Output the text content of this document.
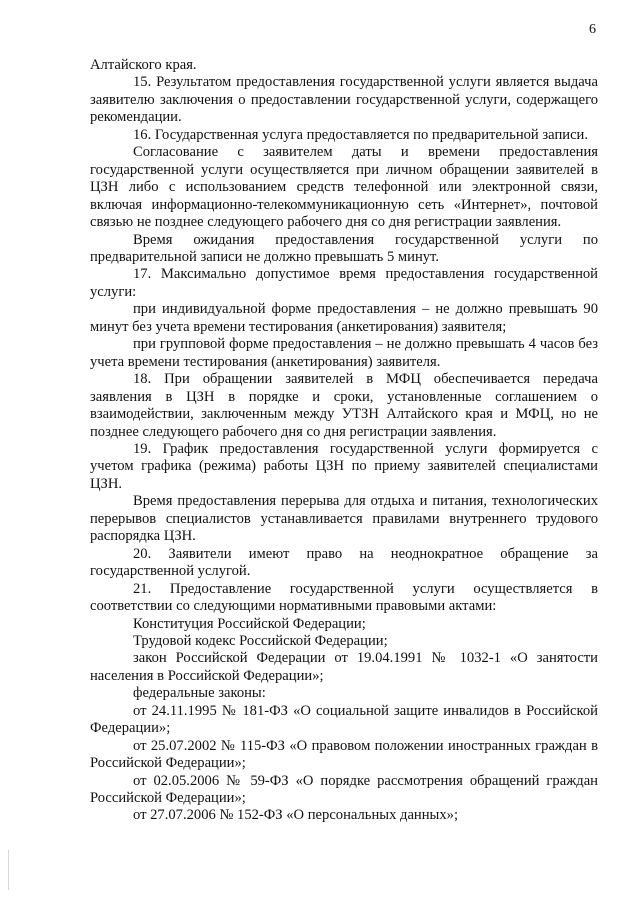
6

Алтайского края.

15. Результатом предоставления государственной услуги является выдача заявителю заключения о предоставлении государственной услуги, содержащего рекомендации.

16. Государственная услуга предоставляется по предварительной записи.

Согласование с заявителем даты и времени предоставления государственной услуги осуществляется при личном обращении заявителей в ЦЗН либо с использованием средств телефонной или электронной связи, включая информационно-телекоммуникационную сеть «Интернет», почтовой связью не позднее следующего рабочего дня со дня регистрации заявления.

Время ожидания предоставления государственной услуги по предварительной записи не должно превышать 5 минут.

17. Максимально допустимое время предоставления государственной услуги:

при индивидуальной форме предоставления – не должно превышать 90 минут без учета времени тестирования (анкетирования) заявителя;

при групповой форме предоставления – не должно превышать 4 часов без учета времени тестирования (анкетирования) заявителя.

18. При обращении заявителей в МФЦ обеспечивается передача заявления в ЦЗН в порядке и сроки, установленные соглашением о взаимодействии, заключенным между УТЗН Алтайского края и МФЦ, но не позднее следующего рабочего дня со дня регистрации заявления.

19. График предоставления государственной услуги формируется с учетом графика (режима) работы ЦЗН по приему заявителей специалистами ЦЗН.

Время предоставления перерыва для отдыха и питания, технологических перерывов специалистов устанавливается правилами внутреннего трудового распорядка ЦЗН.

20. Заявители имеют право на неоднократное обращение за государственной услугой.

21. Предоставление государственной услуги осуществляется в соответствии со следующими нормативными правовыми актами:

Конституция Российской Федерации;

Трудовой кодекс Российской Федерации;

закон Российской Федерации от 19.04.1991 № 1032-1 «О занятости населения в Российской Федерации»;

федеральные законы:

от 24.11.1995 № 181-ФЗ «О социальной защите инвалидов в Российской Федерации»;

от 25.07.2002 № 115-ФЗ «О правовом положении иностранных граждан в Российской Федерации»;

от 02.05.2006 № 59-ФЗ «О порядке рассмотрения обращений граждан Российской Федерации»;

от 27.07.2006 № 152-ФЗ «О персональных данных»;
